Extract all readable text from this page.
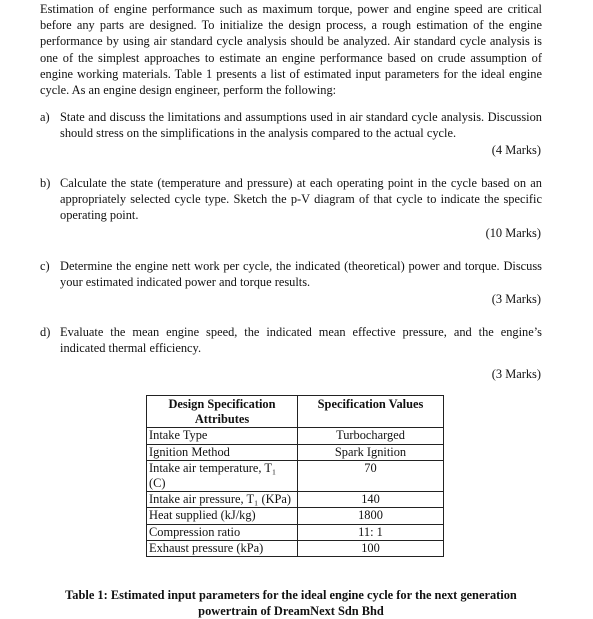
Estimation of engine performance such as maximum torque, power and engine speed are critical before any parts are designed. To initialize the design process, a rough estimation of the engine performance by using air standard cycle analysis should be analyzed. Air standard cycle analysis is one of the simplest approaches to estimate an engine performance based on crude assumption of engine working materials. Table 1 presents a list of estimated input parameters for the ideal engine cycle. As an engine design engineer, perform the following:

a) State and discuss the limitations and assumptions used in air standard cycle analysis. Discussion should stress on the simplifications in the analysis compared to the actual cycle.
(4 Marks)
b) Calculate the state (temperature and pressure) at each operating point in the cycle based on an appropriately selected cycle type. Sketch the p-V diagram of that cycle to indicate the specific operating point.
(10 Marks)
c) Determine the engine nett work per cycle, the indicated (theoretical) power and torque. Discuss your estimated indicated power and torque results.
(3 Marks)
d) Evaluate the mean engine speed, the indicated mean effective pressure, and the engine’s indicated thermal efficiency.
(3 Marks)
Design Specification Attributes	Specification Values
Intake Type	Turbocharged
Ignition Method	Spark Ignition
Intake air temperature, T₁ (C)	70
Intake air pressure, T₁ (KPa)	140
Heat supplied (kJ/kg)	1800
Compression ratio	11: 1
Exhaust pressure (kPa)	100
Table 1: Estimated input parameters for the ideal engine cycle for the next generation powertrain of DreamNext Sdn Bhd
